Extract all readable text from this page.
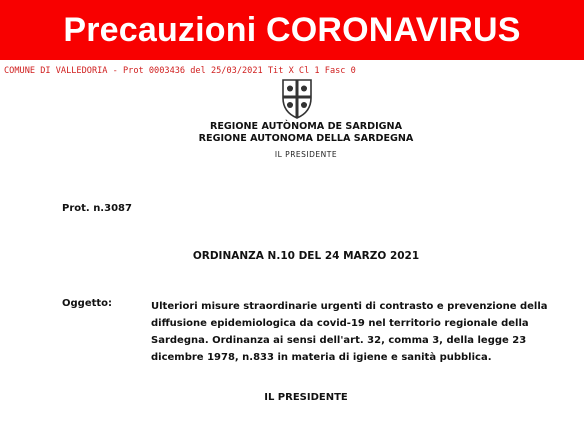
Precauzioni CORONAVIRUS
COMUNE DI VALLEDORIA - Prot 0003436 del 25/03/2021 Tit X Cl 1 Fasc 0
REGIONE AUTÒNOMA DE SARDIGNA
REGIONE AUTONOMA DELLA SARDEGNA
IL PRESIDENTE
Prot. n.3087
ORDINANZA N.10 DEL 24 MARZO 2021
Oggetto:	Ulteriori misure straordinarie urgenti di contrasto e prevenzione della
diffusione epidemiologica da covid-19 nel territorio regionale della
Sardegna. Ordinanza ai sensi dell'art. 32, comma 3, della legge 23
dicembre 1978, n.833 in materia di igiene e sanità pubblica.
IL PRESIDENTE
